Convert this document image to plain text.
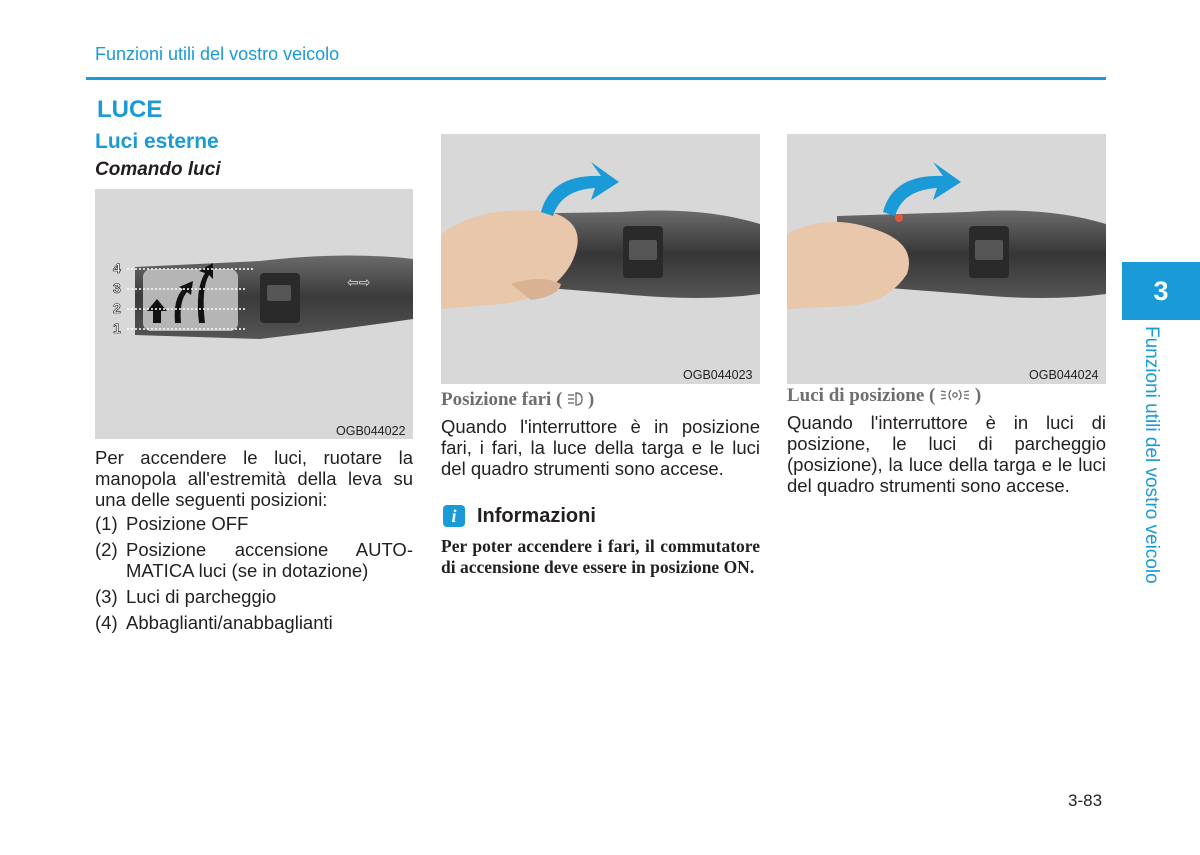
Funzioni utili del vostro veicolo
LUCE
Luci esterne
Comando luci
⇦⇨
4
3
2
1
OGB044022
OGB044023	OGB044024

Per accendere le luci, ruotare la manopola all'estremità della leva su una delle seguenti posizioni:

(1) Posizione OFF
(2) Posizione accensione AUTO-MATICA luci (se in dotazione)
(3) Luci di parcheggio
(4) Abbaglianti/anabbaglianti
Posizione fari ( )

Quando l'interruttore è in posizione fari, i fari, la luce della targa e le luci del quadro strumenti sono accese.

i	Informazioni
Per poter accendere i fari, il commutatore di accensione deve essere in posizione ON.
Luci di posizione ( )

Quando l'interruttore è in luci di posizione, le luci di parcheggio (posizione), la luce della targa e le luci del quadro strumenti sono accese.

3
Funzioni utili del vostro veicolo
3-83
